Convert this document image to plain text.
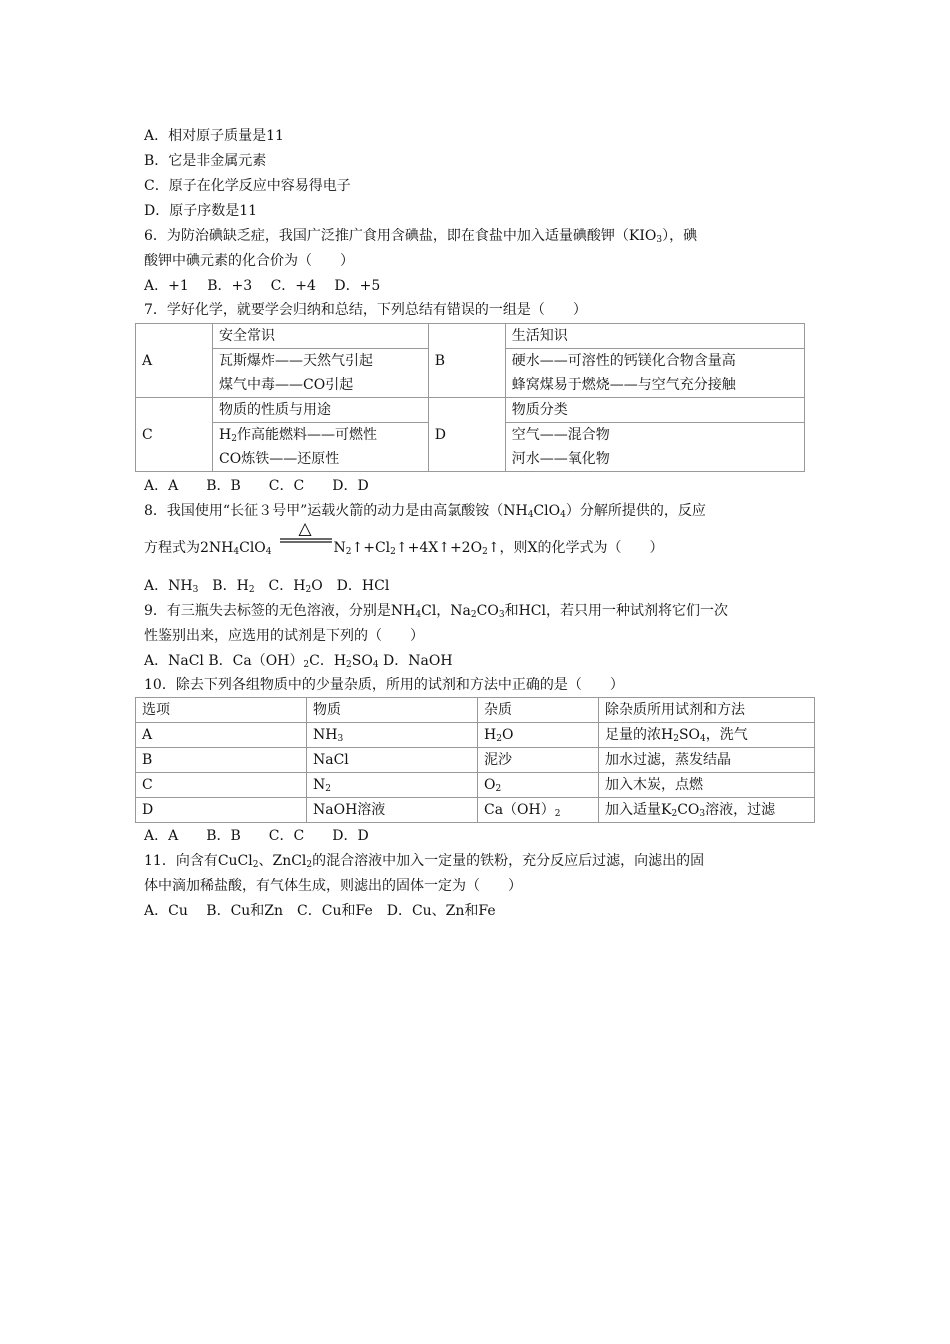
A．相对原子质量是11
B．它是非金属元素
C．原子在化学反应中容易得电子
D．原子序数是11
6．为防治碘缺乏症，我国广泛推广食用含碘盐，即在食盐中加入适量碘酸钾$(KIO_3)$，碘
酸钾中碘元素的化合价为（　　）
A．+1　 B．+3　 C．+4　 D．+5
7．学好化学，就要学会归纳和总结，下列总结有错误的一组是（　　）
A	安全常识	B	生活知识
	瓦斯爆炸——天然气引起		硬水——可溶性的钙镁化合物含量高
	煤气中毒——CO引起		蜂窝煤易于燃烧——与空气充分接触
C	物质的性质与用途	D	物质分类
	$H_2$作高能燃料——可燃性		空气——混合物
	CO炼铁——还原性		河水——氧化物
A．A　　B．B　　C．C　　D．D
8．我国使用“长征３号甲”运载火箭的动力是由高氯酸铵$(NH_4ClO_4)$分解所提供的，反应
方程式为$2NH_4ClO_4$	$N_2↑+Cl_2↑+4X↑+2O_2↑$，则X的化学式为（　　）
△
A．$NH_3$　B．$H_2$　C．$H_2O$　D．HCl
9．有三瓶失去标签的无色溶液，分别是$NH_4Cl$，$Na_2CO_3$和HCl，若只用一种试剂将它们一次
性鉴别出来，应选用的试剂是下列的（　　）
A．NaCl B．$Ca(OH)_2C$．$H_2SO_4$ D．NaOH
10．除去下列各组物质中的少量杂质，所用的试剂和方法中正确的是（　　）
选项	物质	杂质	除杂质所用试剂和方法
A	$NH_3$	$H_2O$	足量的浓$H_2SO_4$，洗气
B	NaCl	泥沙	加水过滤，蒸发结晶
C	$N_2$	$O_2$	加入木炭，点燃
D	NaOH溶液	$Ca(OH)_2$	加入适量$K_2CO_3$溶液，过滤
A．A　　B．B　　C．C　　D．D
11．向含有CuCl$_2$、ZnCl$_2$的混合溶液中加入一定量的铁粉，充分反应后过滤，向滤出的固
体中滴加稀盐酸，有气体生成，则滤出的固体一定为（　　）
A．Cu　 B．Cu和Zn　C．Cu和Fe　D．Cu、Zn和Fe
